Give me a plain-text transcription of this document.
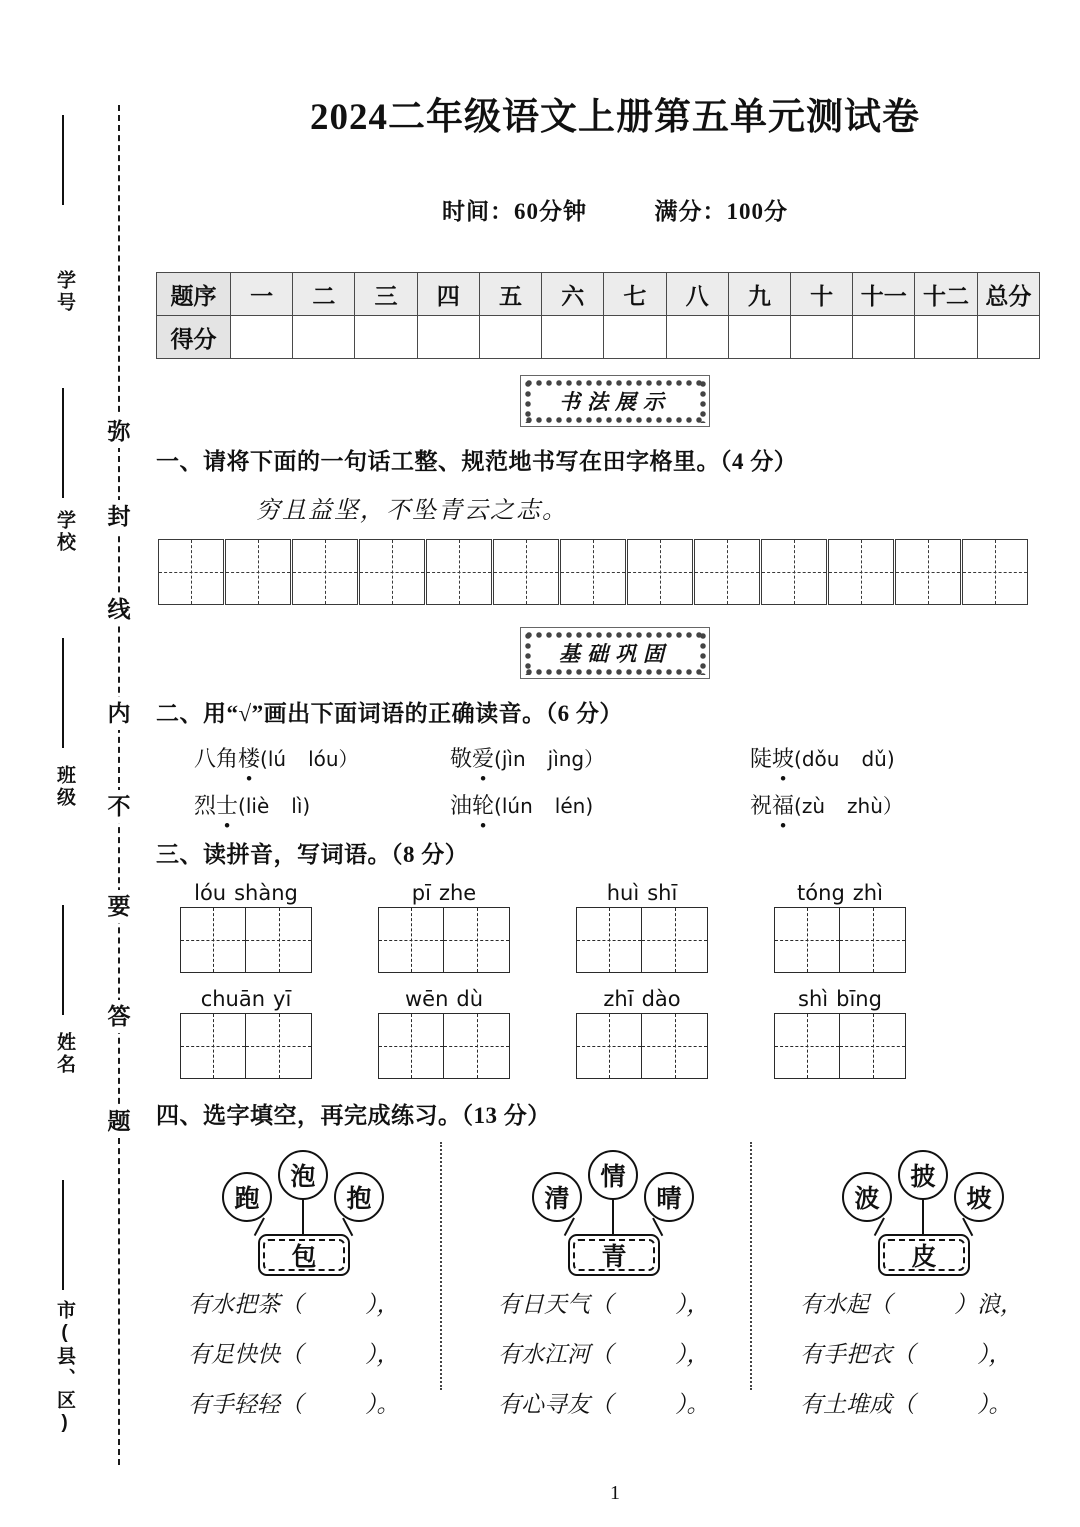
弥
封
线
内
不
要
答
题
学号
学校
班级
姓名
市(县、区)
2024二年级语文上册第五单元测试卷
时间：60分钟	满分：100分
题序	一	二	三	四	五	六	七	八	九	十	十一	十二	总分
得分													
书法展示
一、请将下面的一句话工整、规范地书写在田字格里。（4 分）
穷且益坚，不坠青云之志。
基础巩固
二、用“√”画出下面词语的正确读音。（6 分）
八角楼(lú lóu）	敬爱(jìn jìng）	陡坡(dǒu dǔ)
烈士(liè lì)	油轮(lún lén)	祝福(zù zhù）
三、读拼音，写词语。（8 分）
lóu shàng	pī zhe	huì shī	tóng zhì
chuān yī	wēn dù	zhī dào	shì bīng
四、选字填空，再完成练习。（13 分）
跑
泡
抱
包
有水把茶（	），
有足快快（	），
有手轻轻（	）。
清
情
晴
青
有日天气（	），
有水江河（	），
有心寻友（	）。
波
披
坡
皮
有水起（	）浪，
有手把衣（	），
有土堆成（	）。
1
